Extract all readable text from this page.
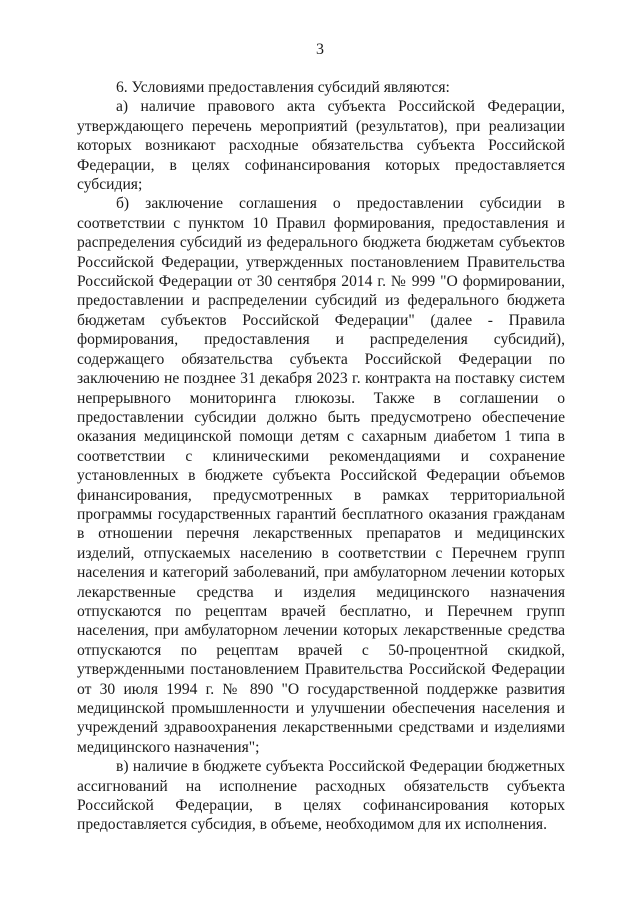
3

6. Условиями предоставления субсидий являются:

а) наличие правового акта субъекта Российской Федерации, утверждающего перечень мероприятий (результатов), при реализации которых возникают расходные обязательства субъекта Российской Федерации, в целях софинансирования которых предоставляется субсидия;

б) заключение соглашения о предоставлении субсидии в соответствии с пунктом 10 Правил формирования, предоставления и распределения субсидий из федерального бюджета бюджетам субъектов Российской Федерации, утвержденных постановлением Правительства Российской Федерации от 30 сентября 2014 г. № 999 "О формировании, предоставлении и распределении субсидий из федерального бюджета бюджетам субъектов Российской Федерации" (далее - Правила формирования, предоставления и распределения субсидий), содержащего обязательства субъекта Российской Федерации по заключению не позднее 31 декабря 2023 г. контракта на поставку систем непрерывного мониторинга глюкозы. Также в соглашении о предоставлении субсидии должно быть предусмотрено обеспечение оказания медицинской помощи детям с сахарным диабетом 1 типа в соответствии с клиническими рекомендациями и сохранение установленных в бюджете субъекта Российской Федерации объемов финансирования, предусмотренных в рамках территориальной программы государственных гарантий бесплатного оказания гражданам в отношении перечня лекарственных препаратов и медицинских изделий, отпускаемых населению в соответствии с Перечнем групп населения и категорий заболеваний, при амбулаторном лечении которых лекарственные средства и изделия медицинского назначения отпускаются по рецептам врачей бесплатно, и Перечнем групп населения, при амбулаторном лечении которых лекарственные средства отпускаются по рецептам врачей с 50-процентной скидкой, утвержденными постановлением Правительства Российской Федерации от 30 июля 1994 г. № 890 "О государственной поддержке развития медицинской промышленности и улучшении обеспечения населения и учреждений здравоохранения лекарственными средствами и изделиями медицинского назначения";

в) наличие в бюджете субъекта Российской Федерации бюджетных ассигнований на исполнение расходных обязательств субъекта Российской Федерации, в целях софинансирования которых предоставляется субсидия, в объеме, необходимом для их исполнения.
